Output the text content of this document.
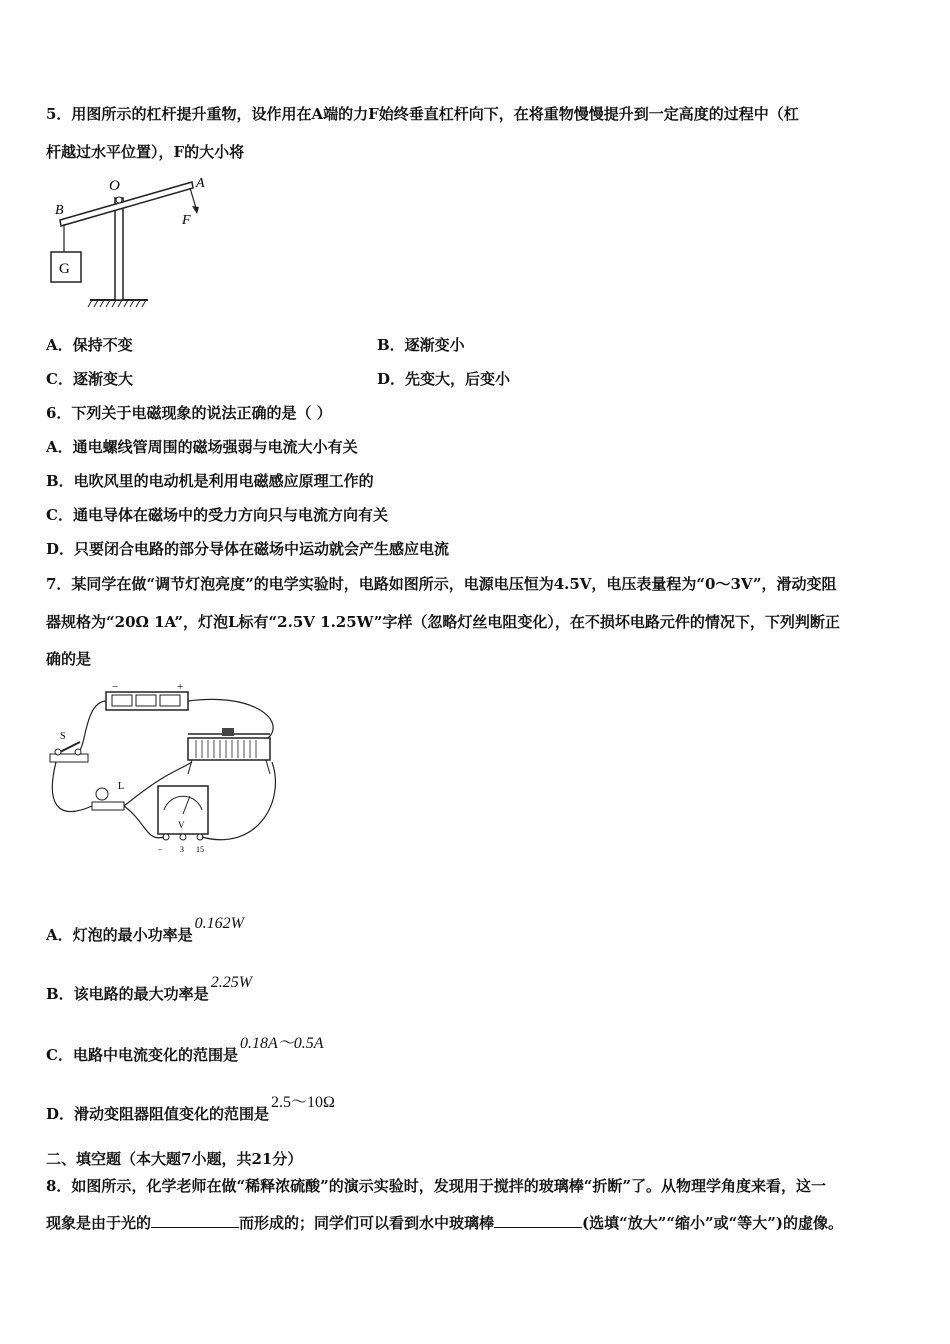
5．用图所示的杠杆提升重物，设作用在A端的力F始终垂直杠杆向下，在将重物慢慢提升到一定高度的过程中（杠
杆越过水平位置），F的大小将
G
O	A
B
F
A．保持不变	B．逐渐变小
C．逐渐变大	D．先变大，后变小
6．下列关于电磁现象的说法正确的是（ ）
A．通电螺线管周围的磁场强弱与电流大小有关
B．电吹风里的电动机是利用电磁感应原理工作的
C．通电导体在磁场中的受力方向只与电流方向有关
D．只要闭合电路的部分导体在磁场中运动就会产生感应电流
7．某同学在做“调节灯泡亮度”的电学实验时，电路如图所示，电源电压恒为4.5V，电压表量程为“0～3V”，滑动变阻
器规格为“20Ω 1A”，灯泡L标有“2.5V 1.25W”字样（忽略灯丝电阻变化），在不损坏电路元件的情况下，下列判断正
确的是
−	+
S
L
V
− 3 15
A．灯泡的最小功率是0.162W
B．该电路的最大功率是2.25W
C．电路中电流变化的范围是0.18A～0.5A
D．滑动变阻器阻值变化的范围是2.5～10Ω
二、填空题（本大题7小题，共21分）
8．如图所示，化学老师在做“稀释浓硫酸”的演示实验时，发现用于搅拌的玻璃棒“折断”了。从物理学角度来看，这一
现象是由于光的	而形成的；同学们可以看到水中玻璃棒	(选填“放大”“缩小”或“等大”)的虚像。
